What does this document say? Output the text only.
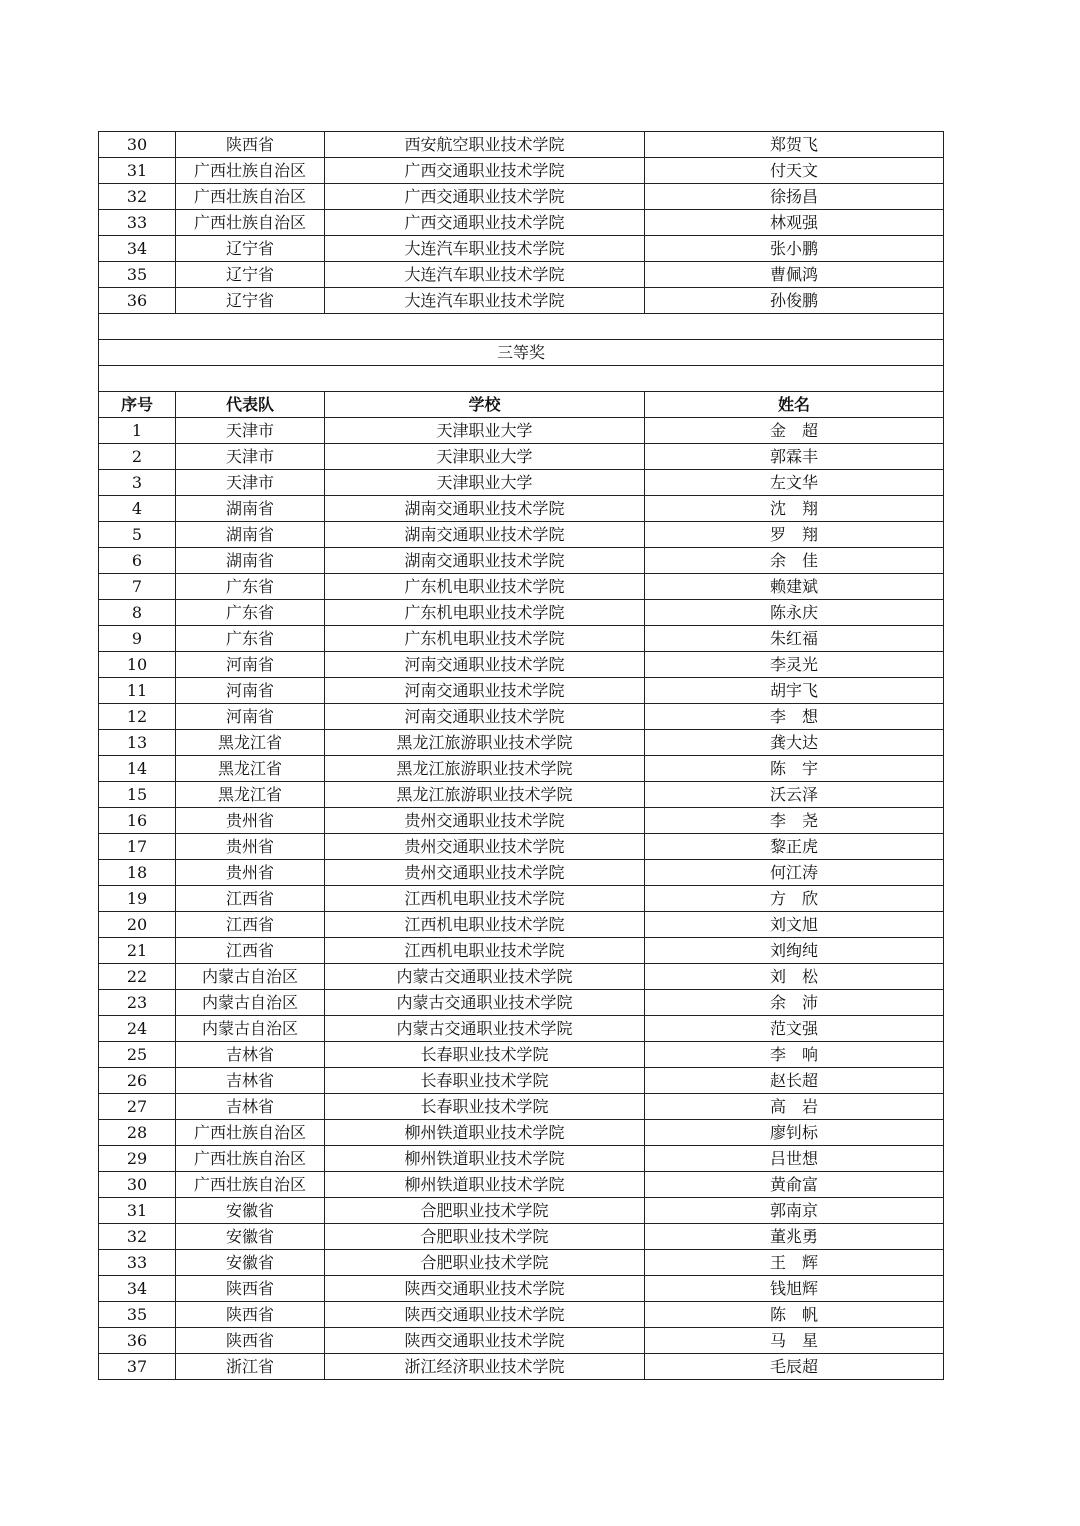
30	陕西省	西安航空职业技术学院	郑贺飞
31	广西壮族自治区	广西交通职业技术学院	付天文
32	广西壮族自治区	广西交通职业技术学院	徐扬昌
33	广西壮族自治区	广西交通职业技术学院	林观强
34	辽宁省	大连汽车职业技术学院	张小鹏
35	辽宁省	大连汽车职业技术学院	曹佩鸿
36	辽宁省	大连汽车职业技术学院	孙俊鹏

三等奖			

序号	代表队	学校	姓名
1	天津市	天津职业大学	金　超
2	天津市	天津职业大学	郭霖丰
3	天津市	天津职业大学	左文华
4	湖南省	湖南交通职业技术学院	沈　翔
5	湖南省	湖南交通职业技术学院	罗　翔
6	湖南省	湖南交通职业技术学院	余　佳
7	广东省	广东机电职业技术学院	赖建斌
8	广东省	广东机电职业技术学院	陈永庆
9	广东省	广东机电职业技术学院	朱红福
10	河南省	河南交通职业技术学院	李灵光
11	河南省	河南交通职业技术学院	胡宇飞
12	河南省	河南交通职业技术学院	李　想
13	黑龙江省	黑龙江旅游职业技术学院	龚大达
14	黑龙江省	黑龙江旅游职业技术学院	陈　宇
15	黑龙江省	黑龙江旅游职业技术学院	沃云泽
16	贵州省	贵州交通职业技术学院	李　尧
17	贵州省	贵州交通职业技术学院	黎正虎
18	贵州省	贵州交通职业技术学院	何江涛
19	江西省	江西机电职业技术学院	方　欣
20	江西省	江西机电职业技术学院	刘文旭
21	江西省	江西机电职业技术学院	刘绚纯
22	内蒙古自治区	内蒙古交通职业技术学院	刘　松
23	内蒙古自治区	内蒙古交通职业技术学院	余　沛
24	内蒙古自治区	内蒙古交通职业技术学院	范文强
25	吉林省	长春职业技术学院	李　响
26	吉林省	长春职业技术学院	赵长超
27	吉林省	长春职业技术学院	高　岩
28	广西壮族自治区	柳州铁道职业技术学院	廖钊标
29	广西壮族自治区	柳州铁道职业技术学院	吕世想
30	广西壮族自治区	柳州铁道职业技术学院	黄俞富
31	安徽省	合肥职业技术学院	郭南京
32	安徽省	合肥职业技术学院	董兆勇
33	安徽省	合肥职业技术学院	王　辉
34	陕西省	陕西交通职业技术学院	钱旭辉
35	陕西省	陕西交通职业技术学院	陈　帆
36	陕西省	陕西交通职业技术学院	马　星
37	浙江省	浙江经济职业技术学院	毛辰超
